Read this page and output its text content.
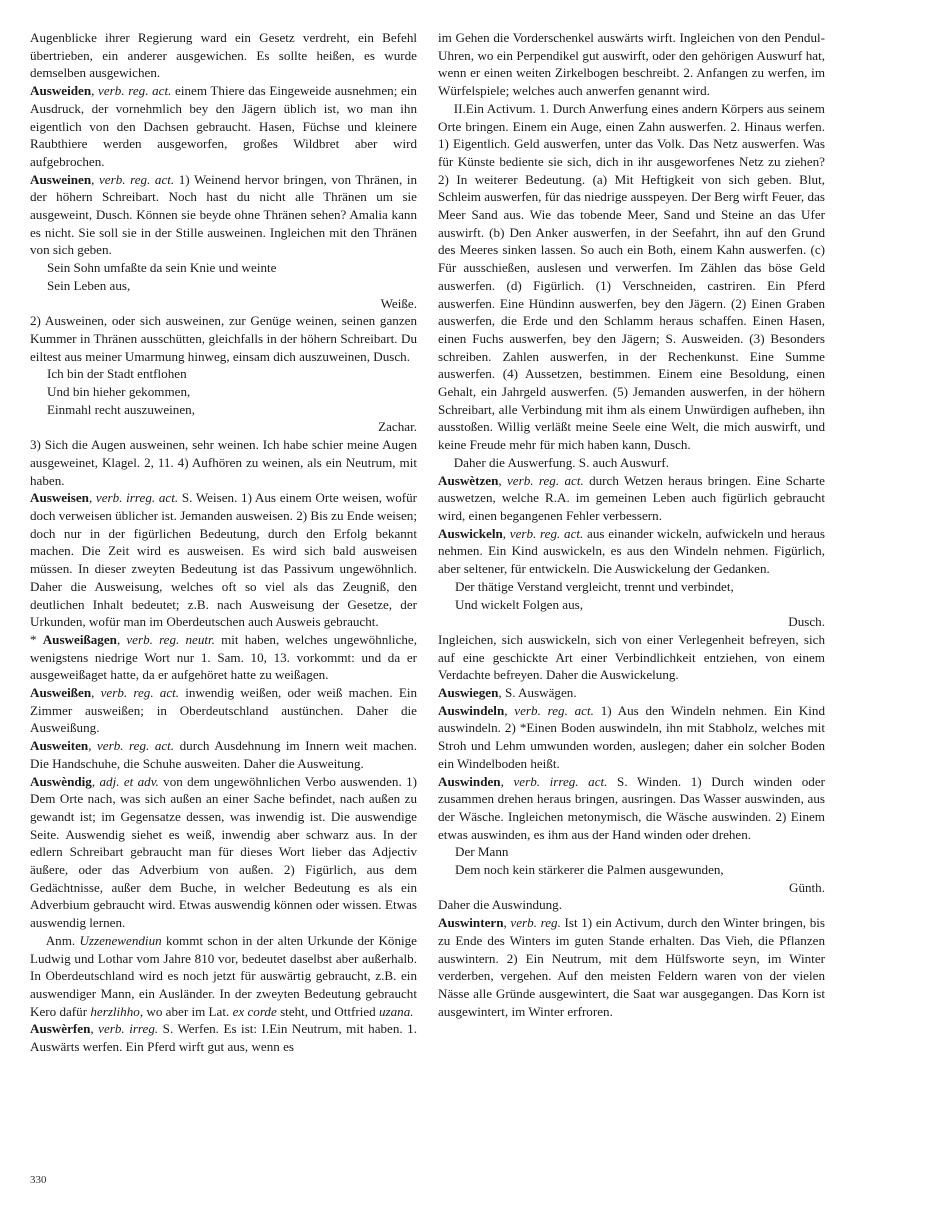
Augenblicke ihrer Regierung ward ein Gesetz verdreht, ein Befehl übertrieben, ein anderer ausgewichen. Es sollte heißen, es wurde demselben ausgewichen.
Ausweiden, verb. reg. act. einem Thiere das Eingeweide ausnehmen; ein Ausdruck, der vornehmlich bey den Jägern üblich ist, wo man ihn eigentlich von den Dachsen gebraucht. Hasen, Füchse und kleinere Raubthiere werden ausgeworfen, großes Wildbret aber wird aufgebrochen.
Ausweinen, verb. reg. act. 1) Weinend hervor bringen, von Thränen, in der höhern Schreibart. Noch hast du nicht alle Thränen um sie ausgeweint, Dusch. Können sie beyde ohne Thränen sehen? Amalia kann es nicht. Sie soll sie in der Stille ausweinen. Ingleichen mit den Thränen von sich geben.
Sein Sohn umfaßte da sein Knie und weinte
Sein Leben aus,
Weiße.
2) Ausweinen, oder sich ausweinen, zur Genüge weinen, seinen ganzen Kummer in Thränen ausschütten, gleichfalls in der höhern Schreibart. Du eiltest aus meiner Umarmung hinweg, einsam dich auszuweinen, Dusch.
Ich bin der Stadt entflohen
Und bin hieher gekommen,
Einmahl recht auszuweinen,
Zachar.
3) Sich die Augen ausweinen, sehr weinen. Ich habe schier meine Augen ausgeweinet, Klagel. 2, 11. 4) Aufhören zu weinen, als ein Neutrum, mit haben.
Ausweisen, verb. irreg. act. S. Weisen. 1) Aus einem Orte weisen, wofür doch verweisen üblicher ist. Jemanden ausweisen. 2) Bis zu Ende weisen; doch nur in der figürlichen Bedeutung, durch den Erfolg bekannt machen. Die Zeit wird es ausweisen. Es wird sich bald ausweisen müssen. In dieser zweyten Bedeutung ist das Passivum ungewöhnlich. Daher die Ausweisung, welches oft so viel als das Zeugniß, den deutlichen Inhalt bedeutet; z.B. nach Ausweisung der Gesetze, der Urkunden, wofür man im Oberdeutschen auch Ausweis gebraucht.
* Ausweißagen, verb. reg. neutr. mit haben, welches ungewöhnliche, wenigstens niedrige Wort nur 1. Sam. 10, 13. vorkommt: und da er ausgeweißaget hatte, da er aufgehöret hatte zu weißagen.
Ausweißen, verb. reg. act. inwendig weißen, oder weiß machen. Ein Zimmer ausweißen; in Oberdeutschland austünchen. Daher die Ausweißung.
Ausweiten, verb. reg. act. durch Ausdehnung im Innern weit machen. Die Handschuhe, die Schuhe ausweiten. Daher die Ausweitung.
Auswèndig, adj. et adv. von dem ungewöhnlichen Verbo auswenden. 1) Dem Orte nach, was sich außen an einer Sache befindet, nach außen zu gewandt ist; im Gegensatze dessen, was inwendig ist. Die auswendige Seite. Auswendig siehet es weiß, inwendig aber schwarz aus. In der edlern Schreibart gebraucht man für dieses Wort lieber das Adjectiv äußere, oder das Adverbium von außen. 2) Figürlich, aus dem Gedächtnisse, außer dem Buche, in welcher Bedeutung es als ein Adverbium gebraucht wird. Etwas auswendig können oder wissen. Etwas auswendig lernen.
Anm. Uzzenewendiun kommt schon in der alten Urkunde der Könige Ludwig und Lothar vom Jahre 810 vor, bedeutet daselbst aber außerhalb. In Oberdeutschland wird es noch jetzt für auswärtig gebraucht, z.B. ein auswendiger Mann, ein Ausländer. In der zweyten Bedeutung gebraucht Kero dafür herzlihho, wo aber im Lat. ex corde steht, und Ottfried uzana.
Auswèrfen, verb. irreg. S. Werfen. Es ist: I.Ein Neutrum, mit haben. 1. Auswärts werfen. Ein Pferd wirft gut aus, wenn es
im Gehen die Vorderschenkel auswärts wirft. Ingleichen von den Pendul-Uhren, wo ein Perpendikel gut auswirft, oder den gehörigen Auswurf hat, wenn er einen weiten Zirkelbogen beschreibt. 2. Anfangen zu werfen, im Würfelspiele; welches auch anwerfen genannt wird.
II.Ein Activum. 1. Durch Anwerfung eines andern Körpers aus seinem Orte bringen. Einem ein Auge, einen Zahn auswerfen. 2. Hinaus werfen. 1) Eigentlich. Geld auswerfen, unter das Volk. Das Netz auswerfen. Was für Künste bediente sie sich, dich in ihr ausgeworfenes Netz zu ziehen? 2) In weiterer Bedeutung. (a) Mit Heftigkeit von sich geben. Blut, Schleim auswerfen, für das niedrige ausspeyen. Der Berg wirft Feuer, das Meer Sand aus. Wie das tobende Meer, Sand und Steine an das Ufer auswirft. (b) Den Anker auswerfen, in der Seefahrt, ihn auf den Grund des Meeres sinken lassen. So auch ein Both, einem Kahn auswerfen. (c) Für ausschießen, auslesen und verwerfen. Im Zählen das böse Geld auswerfen. (d) Figürlich. (1) Verschneiden, castriren. Ein Pferd auswerfen. Eine Hündinn auswerfen, bey den Jägern. (2) Einen Graben auswerfen, die Erde und den Schlamm heraus schaffen. Einen Hasen, einen Fuchs auswerfen, bey den Jägern; S. Ausweiden. (3) Besonders schreiben. Zahlen auswerfen, in der Rechenkunst. Eine Summe auswerfen. (4) Aussetzen, bestimmen. Einem eine Besoldung, einen Gehalt, ein Jahrgeld auswerfen. (5) Jemanden auswerfen, in der höhern Schreibart, alle Verbindung mit ihm als einem Unwürdigen aufheben, ihn ausstoßen. Willig verläßt meine Seele eine Welt, die mich auswirft, und keine Freude mehr für mich haben kann, Dusch.
Daher die Auswerfung. S. auch Auswurf.
Auswètzen, verb. reg. act. durch Wetzen heraus bringen. Eine Scharte auswetzen, welche R.A. im gemeinen Leben auch figürlich gebraucht wird, einen begangenen Fehler verbessern.
Auswickeln, verb. reg. act. aus einander wickeln, aufwickeln und heraus nehmen. Ein Kind auswickeln, es aus den Windeln nehmen. Figürlich, aber seltener, für entwickeln. Die Auswickelung der Gedanken.
Der thätige Verstand vergleicht, trennt und verbindet,
Und wickelt Folgen aus,
Dusch.
Ingleichen, sich auswickeln, sich von einer Verlegenheit befreyen, sich auf eine geschickte Art einer Verbindlichkeit entziehen, von einem Verdachte befreyen. Daher die Auswickelung.
Auswiegen, S. Auswägen.
Auswindeln, verb. reg. act. 1) Aus den Windeln nehmen. Ein Kind auswindeln. 2) *Einen Boden auswindeln, ihn mit Stabholz, welches mit Stroh und Lehm umwunden worden, auslegen; daher ein solcher Boden ein Windelboden heißt.
Auswinden, verb. irreg. act. S. Winden. 1) Durch winden oder zusammen drehen heraus bringen, ausringen. Das Wasser auswinden, aus der Wäsche. Ingleichen metonymisch, die Wäsche auswinden. 2) Einem etwas auswinden, es ihm aus der Hand winden oder drehen.
Der Mann
Dem noch kein stärkerer die Palmen ausgewunden,
Günth.
Daher die Auswindung.
Auswintern, verb. reg. Ist 1) ein Activum, durch den Winter bringen, bis zu Ende des Winters im guten Stande erhalten. Das Vieh, die Pflanzen auswintern. 2) Ein Neutrum, mit dem Hülfsworte seyn, im Winter verderben, vergehen. Auf den meisten Feldern waren von der vielen Nässe alle Gründe ausgewintert, die Saat war ausgegangen. Das Korn ist ausgewintert, im Winter erfroren.
330
